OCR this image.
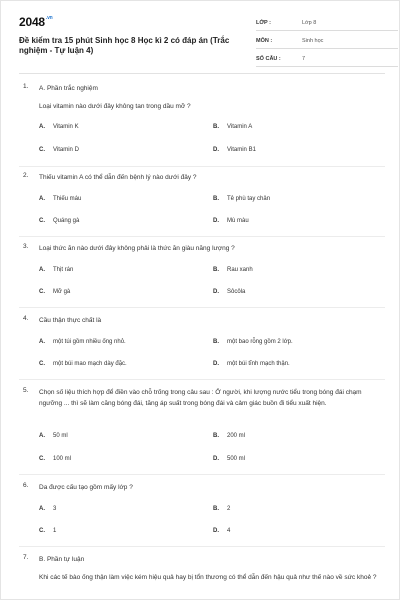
$2048^{.vn}$
Đề kiểm tra 15 phút Sinh học 8 Học kì 2 có đáp án (Trắc nghiệm - Tự luận 4)
LỚP :	Lớp 8
MÔN :	Sinh học
SỐ CÂU :	7
1. A. Phần trắc nghiệm
Loại vitamin nào dưới đây không tan trong dầu mỡ ?
A. Vitamin K	B. Vitamin A
C. Vitamin D	D. Vitamin B1
2. Thiếu vitamin A có thể dẫn đến bệnh lý nào dưới đây ?
A. Thiếu máu	B. Tê phù tay chân
C. Quáng gà	D. Mù màu
3. Loại thức ăn nào dưới đây không phải là thức ăn giàu năng lượng ?
A. Thịt rán	B. Rau xanh
C. Mỡ gà	D. Sôcôla
4. Cầu thận thực chất là
A. một túi gồm nhiều ống nhỏ.	B. một bao rỗng gồm 2 lớp.
C. một búi mao mạch dày đặc.	D. một búi tĩnh mạch thận.
5. Chọn số liệu thích hợp để điền vào chỗ trống trong câu sau : Ở người, khi lượng nước tiểu trong bóng đái chạm ngưỡng ... thì sẽ làm căng bóng đái, tăng áp suất trong bóng đái và cảm giác buồn đi tiểu xuất hiện.
A. 50 ml	B. 200 ml
C. 100 ml	D. 500 ml
6. Da được cấu tạo gồm mấy lớp ?
A. 3	B. 2
C. 1	D. 4
7. B. Phần tự luận
Khi các tế bào ống thận làm việc kém hiệu quả hay bị tổn thương có thể dẫn đến hậu quả như thế nào về sức khoẻ ?
